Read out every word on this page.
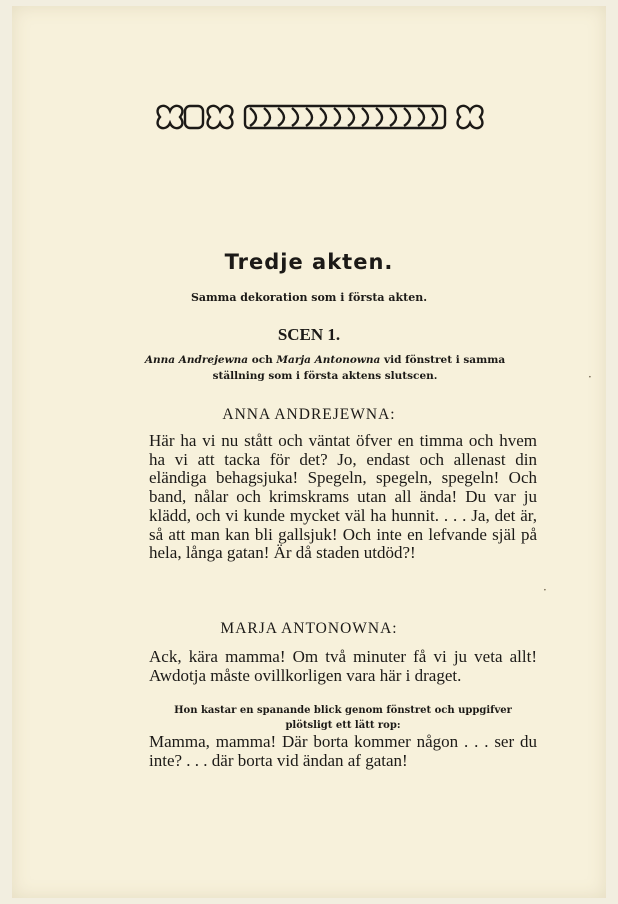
Tredje akten.
Samma dekoration som i första akten.
SCEN 1.
Anna Andrejewna och Marja Antonowna vid fönstret i samma ställning som i första aktens slutscen.
ANNA ANDREJEWNA:
Här ha vi nu stått och väntat öfver en timma och hvem ha vi att tacka för det? Jo, endast och allenast din eländiga behagsjuka! Spegeln, spegeln, spegeln! Och band, nålar och krimskrams utan all ända! Du var ju klädd, och vi kunde mycket väl ha hunnit. . . . Ja, det är, så att man kan bli gallsjuk! Och inte en lefvande själ på hela, långa gatan! Är då staden utdöd?!
MARJA ANTONOWNA:
Ack, kära mamma! Om två minuter få vi ju veta allt! Awdotja måste ovillkorligen vara här i draget.
Hon kastar en spanande blick genom fönstret och uppgifver plötsligt ett lätt rop:
Mamma, mamma! Där borta kommer någon . . . ser du inte? . . . där borta vid ändan af gatan!
·
·
